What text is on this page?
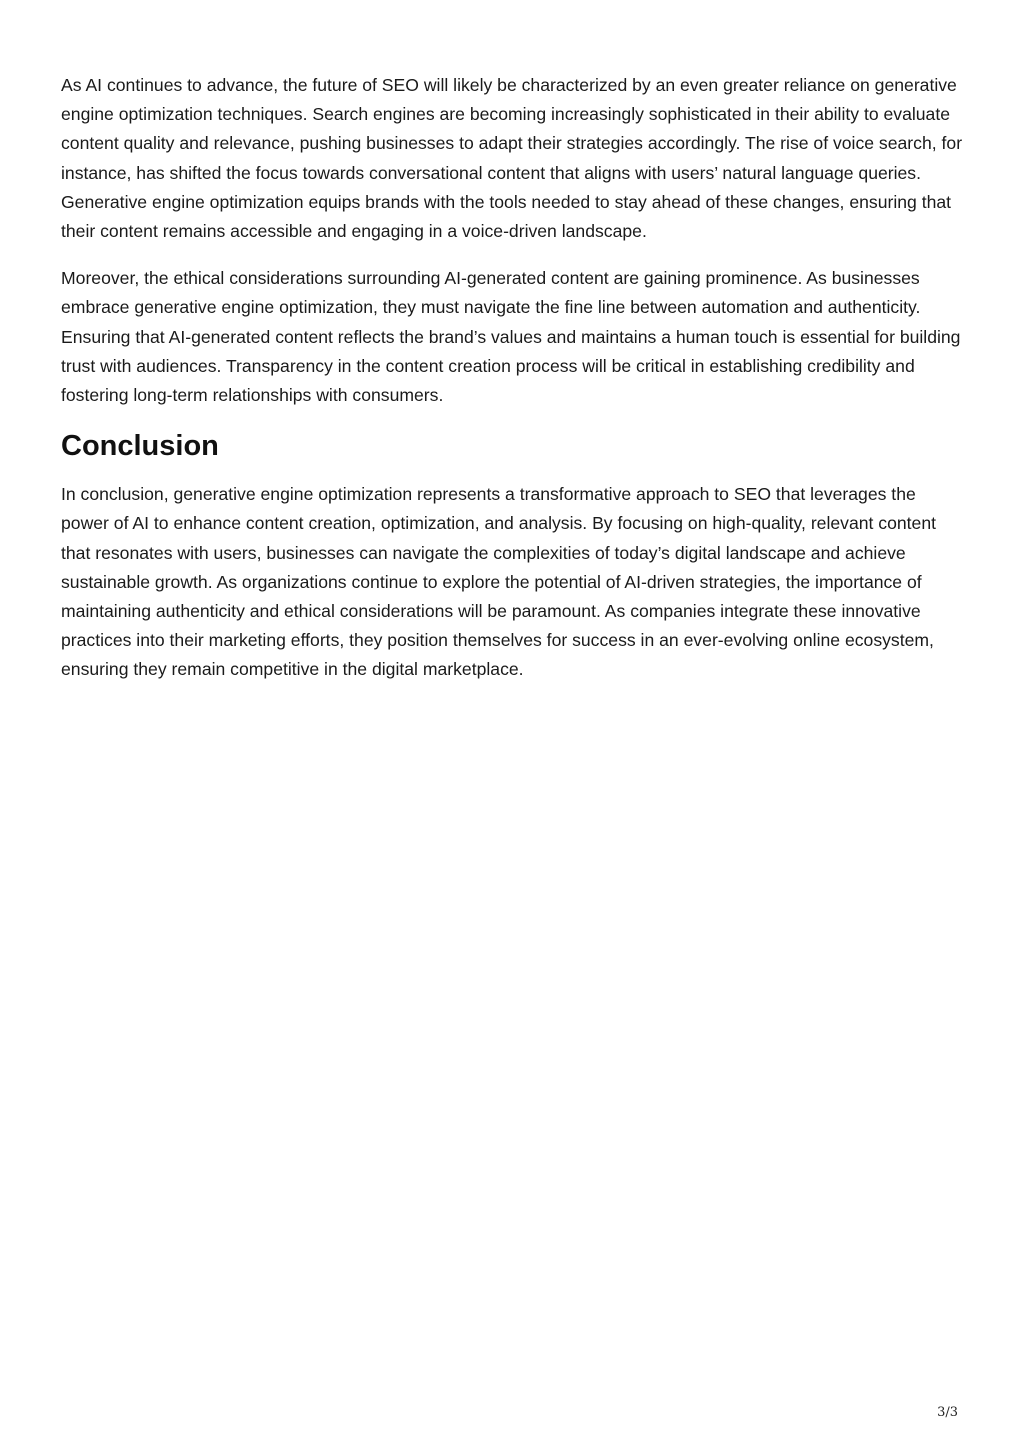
As AI continues to advance, the future of SEO will likely be characterized by an even greater reliance on generative engine optimization techniques. Search engines are becoming increasingly sophisticated in their ability to evaluate content quality and relevance, pushing businesses to adapt their strategies accordingly. The rise of voice search, for instance, has shifted the focus towards conversational content that aligns with users’ natural language queries. Generative engine optimization equips brands with the tools needed to stay ahead of these changes, ensuring that their content remains accessible and engaging in a voice-driven landscape.

Moreover, the ethical considerations surrounding AI-generated content are gaining prominence. As businesses embrace generative engine optimization, they must navigate the fine line between automation and authenticity. Ensuring that AI-generated content reflects the brand’s values and maintains a human touch is essential for building trust with audiences. Transparency in the content creation process will be critical in establishing credibility and fostering long-term relationships with consumers.

Conclusion

In conclusion, generative engine optimization represents a transformative approach to SEO that leverages the power of AI to enhance content creation, optimization, and analysis. By focusing on high-quality, relevant content that resonates with users, businesses can navigate the complexities of today’s digital landscape and achieve sustainable growth. As organizations continue to explore the potential of AI-driven strategies, the importance of maintaining authenticity and ethical considerations will be paramount. As companies integrate these innovative practices into their marketing efforts, they position themselves for success in an ever-evolving online ecosystem, ensuring they remain competitive in the digital marketplace.

3/3
